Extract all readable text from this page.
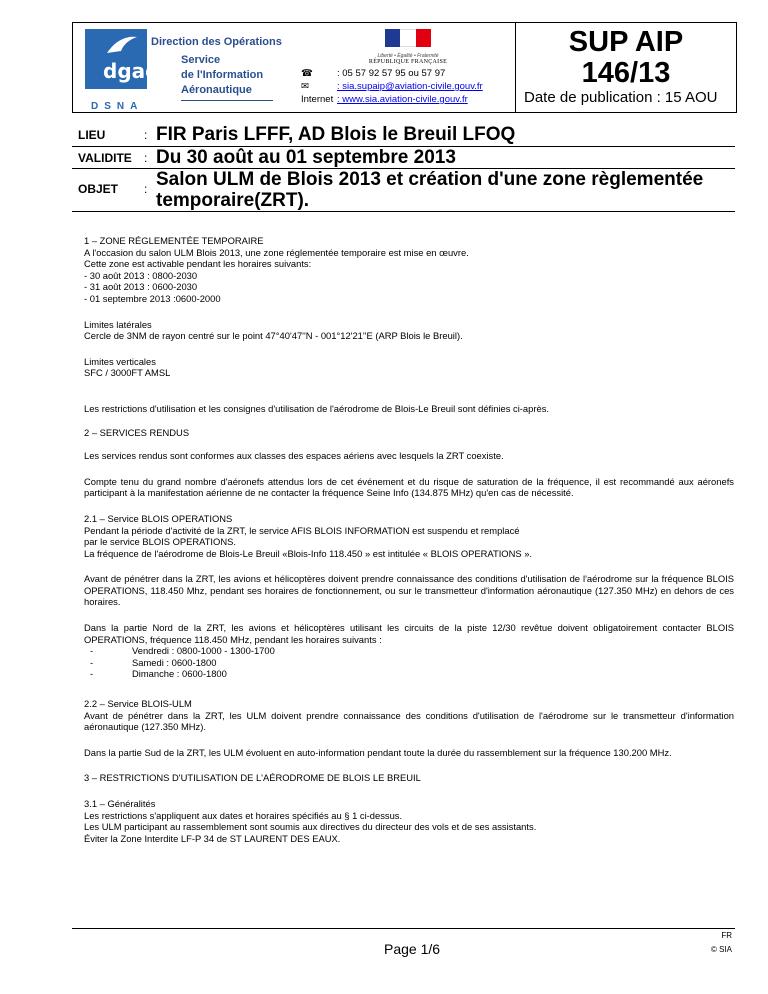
dgac
DSNA
Direction des Opérations
Service
de l'Information
Aéronautique
Liberté • Égalité • Fraternité
RÉPUBLIQUE FRANÇAISE
☎	: 05 57 92 57 95 ou 57 97
✉	: sia.supaip@aviation-civile.gouv.fr
Internet : www.sia.aviation-civile.gouv.fr
SUP AIP
146/13
Date de publication : 15 AOU
LIEU	: FIR Paris LFFF, AD Blois le Breuil LFOQ
VALIDITE : Du 30 août au 01 septembre 2013
OBJET : Salon ULM de Blois 2013 et création d'une zone règlementée
temporaire(ZRT).

1 – ZONE RÉGLEMENTÉE TEMPORAIRE
A l'occasion du salon ULM Blois 2013, une zone réglementée temporaire est mise en œuvre.
Cette zone est activable pendant les horaires suivants:
- 30 août 2013 : 0800-2030
- 31 août 2013 : 0600-2030
- 01 septembre 2013 :0600-2000

Limites latérales
Cercle de 3NM de rayon centré sur le point 47°40'47''N - 001°12'21''E (ARP Blois le Breuil).

Limites verticales
SFC / 3000FT AMSL

Les restrictions d'utilisation et les consignes d'utilisation de l'aérodrome de Blois-Le Breuil sont définies ci-après.

2 – SERVICES RENDUS

Les services rendus sont conformes aux classes des espaces aériens avec lesquels la ZRT coexiste.

Compte tenu du grand nombre d'aéronefs attendus lors de cet événement et du risque de saturation de la fréquence, il est recommandé aux aéronefs participant à la manifestation aérienne de ne contacter la fréquence Seine Info (134.875 MHz) qu'en cas de nécessité.

2.1 – Service BLOIS OPERATIONS
Pendant la période d'activité de la ZRT, le service AFIS BLOIS INFORMATION est suspendu et remplacé
par le service BLOIS OPERATIONS.
La fréquence de l'aérodrome de Blois-Le Breuil «Blois-Info 118.450 » est intitulée « BLOIS OPERATIONS ».

Avant de pénétrer dans la ZRT, les avions et hélicoptères doivent prendre connaissance des conditions d'utilisation de l'aérodrome sur la fréquence BLOIS OPERATIONS, 118.450 Mhz, pendant ses horaires de fonctionnement, ou sur le transmetteur d'information aéronautique (127.350 MHz) en dehors de ces horaires.

Dans la partie Nord de la ZRT, les avions et hélicoptères utilisant les circuits de la piste 12/30 revêtue doivent obligatoirement contacter BLOIS OPERATIONS, fréquence 118.450 MHz, pendant les horaires suivants :

-	Vendredi : 0800-1000 - 1300-1700
-	Samedi : 0600-1800
-	Dimanche : 0600-1800

2.2 – Service BLOIS-ULM
Avant de pénétrer dans la ZRT, les ULM doivent prendre connaissance des conditions d'utilisation de l'aérodrome sur le transmetteur d'information aéronautique (127.350 MHz).

Dans la partie Sud de la ZRT, les ULM évoluent en auto-information pendant toute la durée du rassemblement sur la fréquence 130.200 MHz.

3 – RESTRICTIONS D'UTILISATION DE L'AÉRODROME DE BLOIS LE BREUIL

3.1 – Généralités
Les restrictions s'appliquent aux dates et horaires spécifiés au § 1 ci-dessus.
Les ULM participant au rassemblement sont soumis aux directives du directeur des vols et de ses assistants.
Éviter la Zone Interdite LF-P 34 de ST LAURENT DES EAUX.

FR
Page 1/6	© SIA
